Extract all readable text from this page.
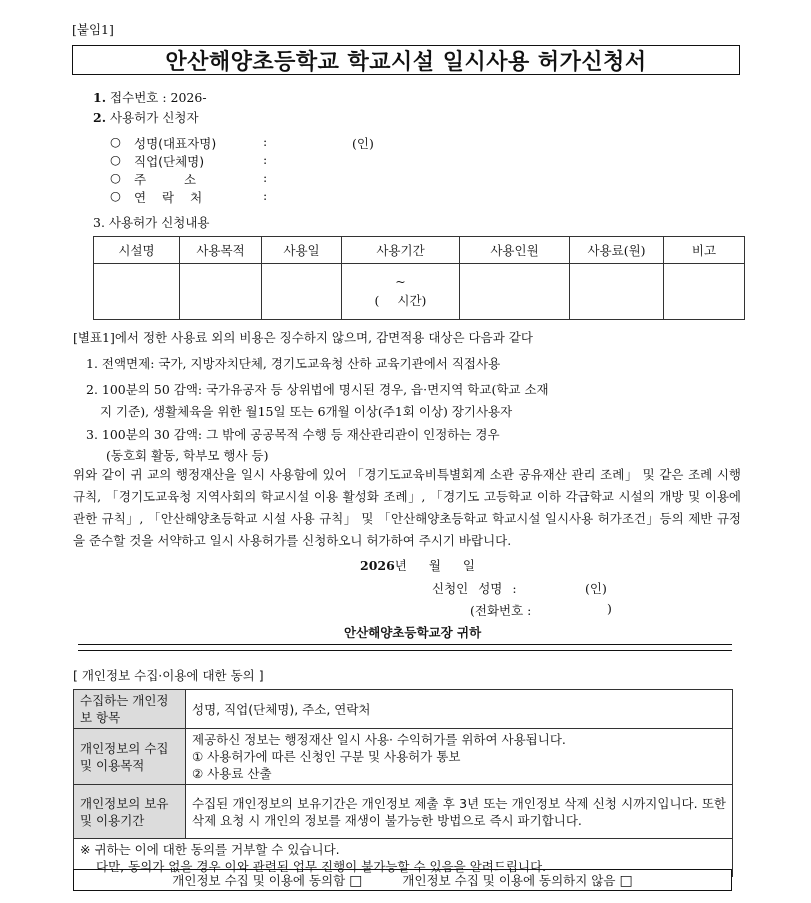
[붙임1]
안산해양초등학교 학교시설 일시사용 허가신청서
1. 접수번호 : 2026-
2. 사용허가 신청자
○ 성명(대표자명)	:	(인)
○ 직업(단체명)	:
○ 주 소	:
○ 연 락 처	:
3. 사용허가 신청내용
시설명	사용목적	사용일	사용기간	사용인원	사용료(원)	비고

			~
( 시간)			

[별표1]에서 정한 사용료 외의 비용은 징수하지 않으며, 감면적용 대상은 다음과 같다
1. 전액면제: 국가, 지방자치단체, 경기도교육청 산하 교육기관에서 직접사용
2. 100분의 50 감액: 국가유공자 등 상위법에 명시된 경우, 읍·면지역 학교(학교 소재
지 기준), 생활체육을 위한 월15일 또는 6개월 이상(주1회 이상) 장기사용자
3. 100분의 30 감액: 그 밖에 공공목적 수행 등 재산관리관이 인정하는 경우
(동호회 활동, 학부모 행사 등)
위와 같이 귀 교의 행정재산을 일시 사용함에 있어 「경기도교육비특별회계 소관 공유재산 관리 조례」 및 같은 조례 시행규칙, 「경기도교육청 지역사회의 학교시설 이용 활성화 조례」, 「경기도 고등학교 이하 각급학교 시설의 개방 및 이용에 관한 규칙」, 「안산해양초등학교 시설 사용 규칙」 및 「안산해양초등학교 학교시설 일시사용 허가조건」등의 제반 규정을 준수할 것을 서약하고 일시 사용허가를 신청하오니 허가하여 주시기 바랍니다.
2026년 월 일
신청인 성명 :	(인)
(전화번호 :	)
안산해양초등학교장 귀하
[ 개인정보 수집·이용에 대한 동의 ]
수집하는 개인정보 항목	성명, 직업(단체명), 주소, 연락처
개인정보의 수집 및 이용목적	제공하신 정보는 행정재산 일시 사용· 수익허가를 위하여 사용됩니다.
① 사용허가에 따른 신청인 구분 및 사용허가 통보
② 사용료 산출

개인정보의 보유 및 이용기간	수집된 개인정보의 보유기간은 개인정보 제출 후 3년 또는 개인정보 삭제 신청 시까지입니다. 또한 삭제 요청 시 개인의 정보를 재생이 불가능한 방법으로 즉시 파기합니다.

※ 귀하는 이에 대한 동의를 거부할 수 있습니다.
다만, 동의가 없을 경우 이와 관련된 업무 진행이 불가능할 수 있음을 알려드립니다.	
개인정보 수집 및 이용에 동의함 □	개인정보 수집 및 이용에 동의하지 않음 □
